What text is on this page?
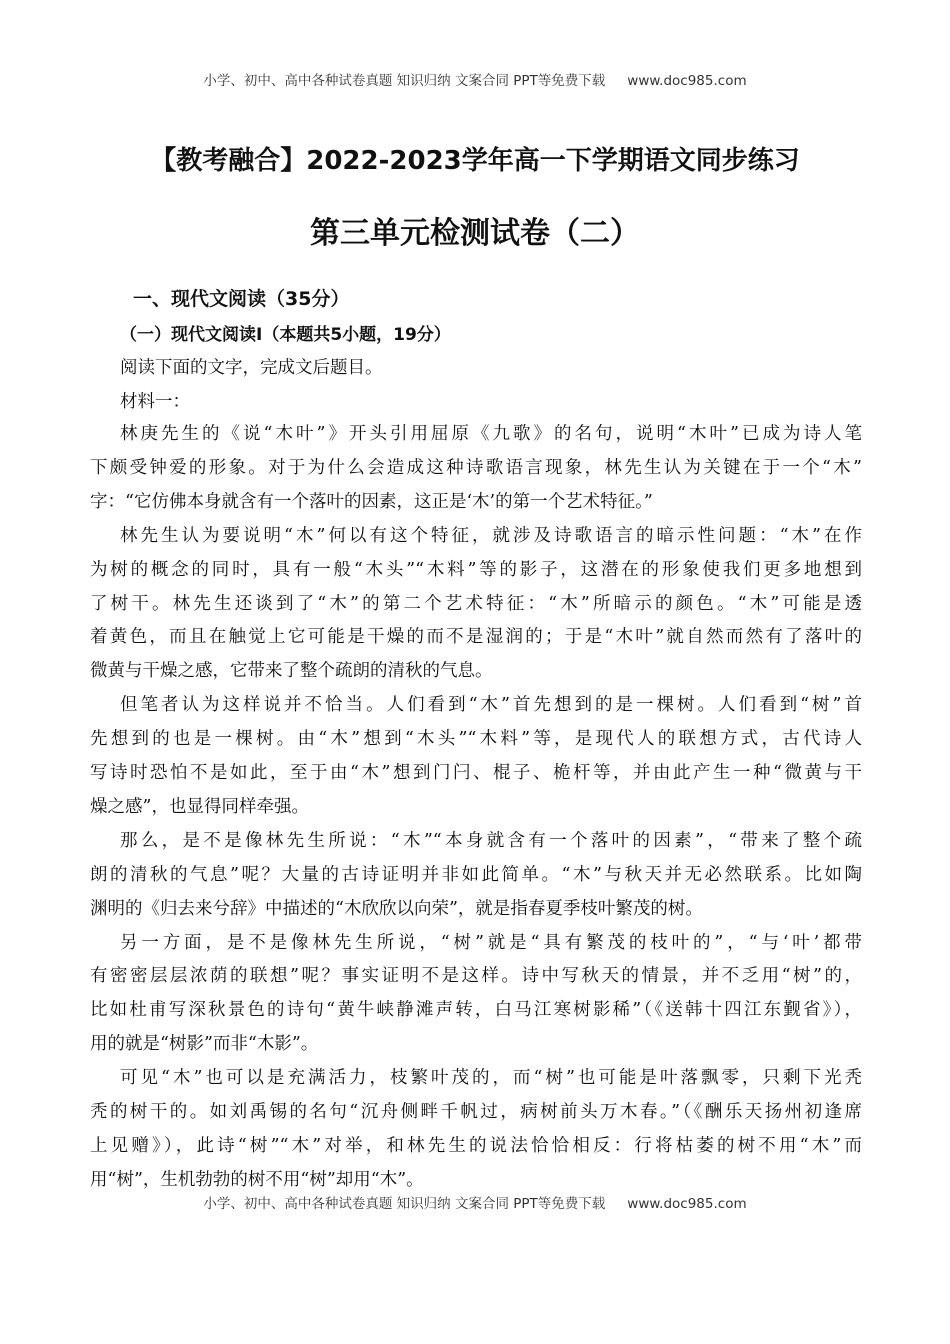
小学、初中、高中各种试卷真题 知识归纳 文案合同 PPT等免费下载 www.doc985.com
【教考融合】2022-2023学年高一下学期语文同步练习
第三单元检测试卷（二）
一、现代文阅读（35分）
（一）现代文阅读Ⅰ（本题共5小题，19分）
阅读下面的文字，完成文后题目。
材料一：
林庚先生的《说“木叶”》开头引用屈原《九歌》的名句，说明“木叶”已成为诗人笔
下颇受钟爱的形象。对于为什么会造成这种诗歌语言现象，林先生认为关键在于一个“木”
字：“它仿佛本身就含有一个落叶的因素，这正是‘木’的第一个艺术特征。”
林先生认为要说明“木”何以有这个特征，就涉及诗歌语言的暗示性问题：“木”在作
为树的概念的同时，具有一般“木头”“木料”等的影子，这潜在的形象使我们更多地想到
了树干。林先生还谈到了“木”的第二个艺术特征：“木”所暗示的颜色。“木”可能是透
着黄色，而且在触觉上它可能是干燥的而不是湿润的；于是“木叶”就自然而然有了落叶的
微黄与干燥之感，它带来了整个疏朗的清秋的气息。
但笔者认为这样说并不恰当。人们看到“木”首先想到的是一棵树。人们看到“树”首
先想到的也是一棵树。由“木”想到“木头”“木料”等，是现代人的联想方式，古代诗人
写诗时恐怕不是如此，至于由“木”想到门闩、棍子、桅杆等，并由此产生一种“微黄与干
燥之感”，也显得同样牵强。
那么，是不是像林先生所说：“木”“本身就含有一个落叶的因素”，“带来了整个疏
朗的清秋的气息”呢？大量的古诗证明并非如此简单。“木”与秋天并无必然联系。比如陶
渊明的《归去来兮辞》中描述的“木欣欣以向荣”，就是指春夏季枝叶繁茂的树。
另一方面，是不是像林先生所说，“树”就是“具有繁茂的枝叶的”，“与‘叶’都带
有密密层层浓荫的联想”呢？事实证明不是这样。诗中写秋天的情景，并不乏用“树”的，
比如杜甫写深秋景色的诗句“黄牛峡静滩声转，白马江寒树影稀”（《送韩十四江东觐省》），
用的就是“树影”而非“木影”。
可见“木”也可以是充满活力，枝繁叶茂的，而“树”也可能是叶落飘零，只剩下光秃
秃的树干的。如刘禹锡的名句“沉舟侧畔千帆过，病树前头万木春。”（《酬乐天扬州初逢席
上见赠》），此诗“树”“木”对举，和林先生的说法恰恰相反：行将枯萎的树不用“木”而
用“树”，生机勃勃的树不用“树”却用“木”。
小学、初中、高中各种试卷真题 知识归纳 文案合同 PPT等免费下载 www.doc985.com
